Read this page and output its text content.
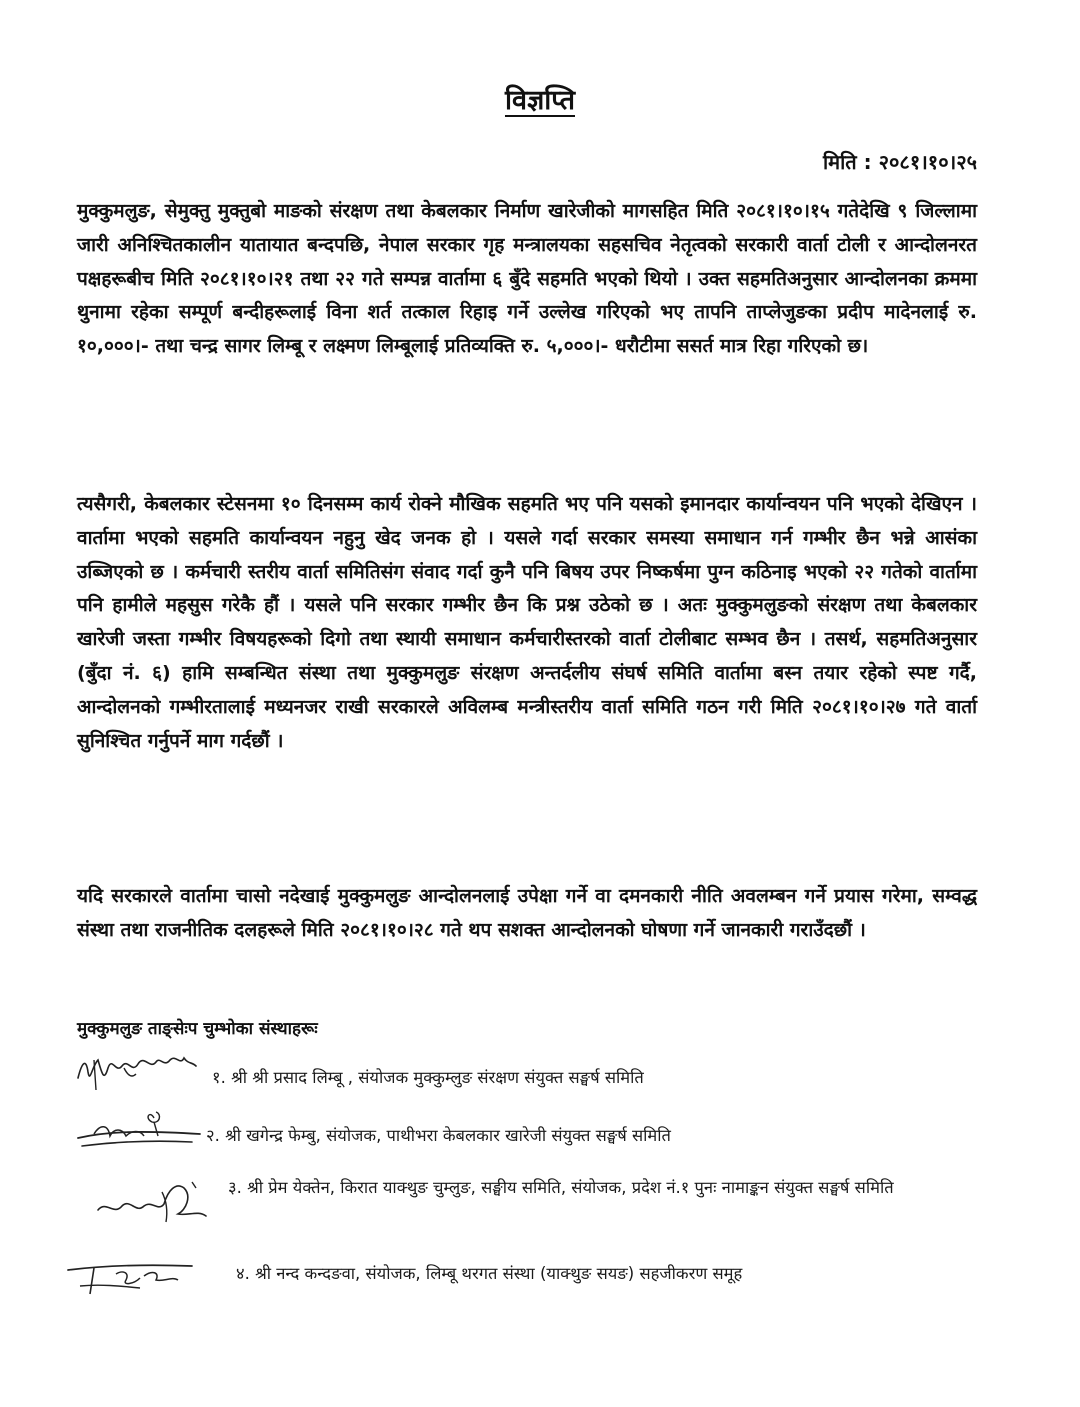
विज्ञप्ति
मिति : २०८१।१०।२५

मुक्कुमलुङ, सेमुक्तु मुक्तुबो माङको संरक्षण तथा केबलकार निर्माण खारेजीको मागसहित मिति २०८१।१०।१५ गतेदेखि ९ जिल्लामा जारी अनिश्चितकालीन यातायात बन्दपछि, नेपाल सरकार गृह मन्त्रालयका सहसचिव नेतृत्वको सरकारी वार्ता टोली र आन्दोलनरत पक्षहरूबीच मिति २०८१।१०।२१ तथा २२ गते सम्पन्न वार्तामा ६ बुँदे सहमति भएको थियो । उक्त सहमतिअनुसार आन्दोलनका क्रममा थुनामा रहेका सम्पूर्ण बन्दीहरूलाई विना शर्त तत्काल रिहाइ गर्ने उल्लेख गरिएको भए तापनि ताप्लेजुङका प्रदीप मादेनलाई रु. १०,०००।- तथा चन्द्र सागर लिम्बू र लक्ष्मण लिम्बूलाई प्रतिव्यक्ति रु. ५,०००।- धरौटीमा ससर्त मात्र रिहा गरिएको छ।

त्यसैगरी, केबलकार स्टेसनमा १० दिनसम्म कार्य रोक्ने मौखिक सहमति भए पनि यसको इमानदार कार्यान्वयन पनि भएको देखिएन । वार्तामा भएको सहमति कार्यान्वयन नहुनु खेद जनक हो । यसले गर्दा सरकार समस्या समाधान गर्न गम्भीर छैन भन्ने आसंका उब्जिएको छ । कर्मचारी स्तरीय वार्ता समितिसंग संवाद गर्दा कुनै पनि बिषय उपर निष्कर्षमा पुग्न कठिनाइ भएको २२ गतेको वार्तामा पनि हामीले महसुस गरेकै हौं । यसले पनि सरकार गम्भीर छैन कि प्रश्न उठेको छ । अतः मुक्कुमलुङको संरक्षण तथा केबलकार खारेजी जस्ता गम्भीर विषयहरूको दिगो तथा स्थायी समाधान कर्मचारीस्तरको वार्ता टोलीबाट सम्भव छैन । तसर्थ, सहमतिअनुसार (बुँदा नं. ६) हामि सम्बन्धित संस्था तथा मुक्कुमलुङ संरक्षण अन्तर्दलीय संघर्ष समिति वार्तामा बस्न तयार रहेको स्पष्ट गर्दै, आन्दोलनको गम्भीरतालाई मध्यनजर राखी सरकारले अविलम्ब मन्त्रीस्तरीय वार्ता समिति गठन गरी मिति २०८१।१०।२७ गते वार्ता सुनिश्चित गर्नुपर्ने माग गर्दछौं ।

यदि सरकारले वार्तामा चासो नदेखाई मुक्कुमलुङ आन्दोलनलाई उपेक्षा गर्ने वा दमनकारी नीति अवलम्बन गर्ने प्रयास गरेमा, सम्वद्ध संस्था तथा राजनीतिक दलहरूले मिति २०८१।१०।२८ गते थप सशक्त आन्दोलनको घोषणा गर्ने जानकारी गराउँदछौं ।

मुक्कुमलुङ ताङ्सेःप चुम्भोका संस्थाहरूः
१. श्री श्री प्रसाद लिम्बू , संयोजक मुक्कुम्लुङ संरक्षण संयुक्त सङ्घर्ष समिति
२. श्री खगेन्द्र फेम्बु, संयोजक, पाथीभरा केबलकार खारेजी संयुक्त सङ्घर्ष समिति
३. श्री प्रेम येक्तेन, किरात याक्थुङ चुम्लुङ, सङ्घीय समिति, संयोजक, प्रदेश नं.१ पुनः नामाङ्कन संयुक्त सङ्घर्ष समिति
४. श्री नन्द कन्दङवा, संयोजक, लिम्बू थरगत संस्था (याक्थुङ सयङ) सहजीकरण समूह
